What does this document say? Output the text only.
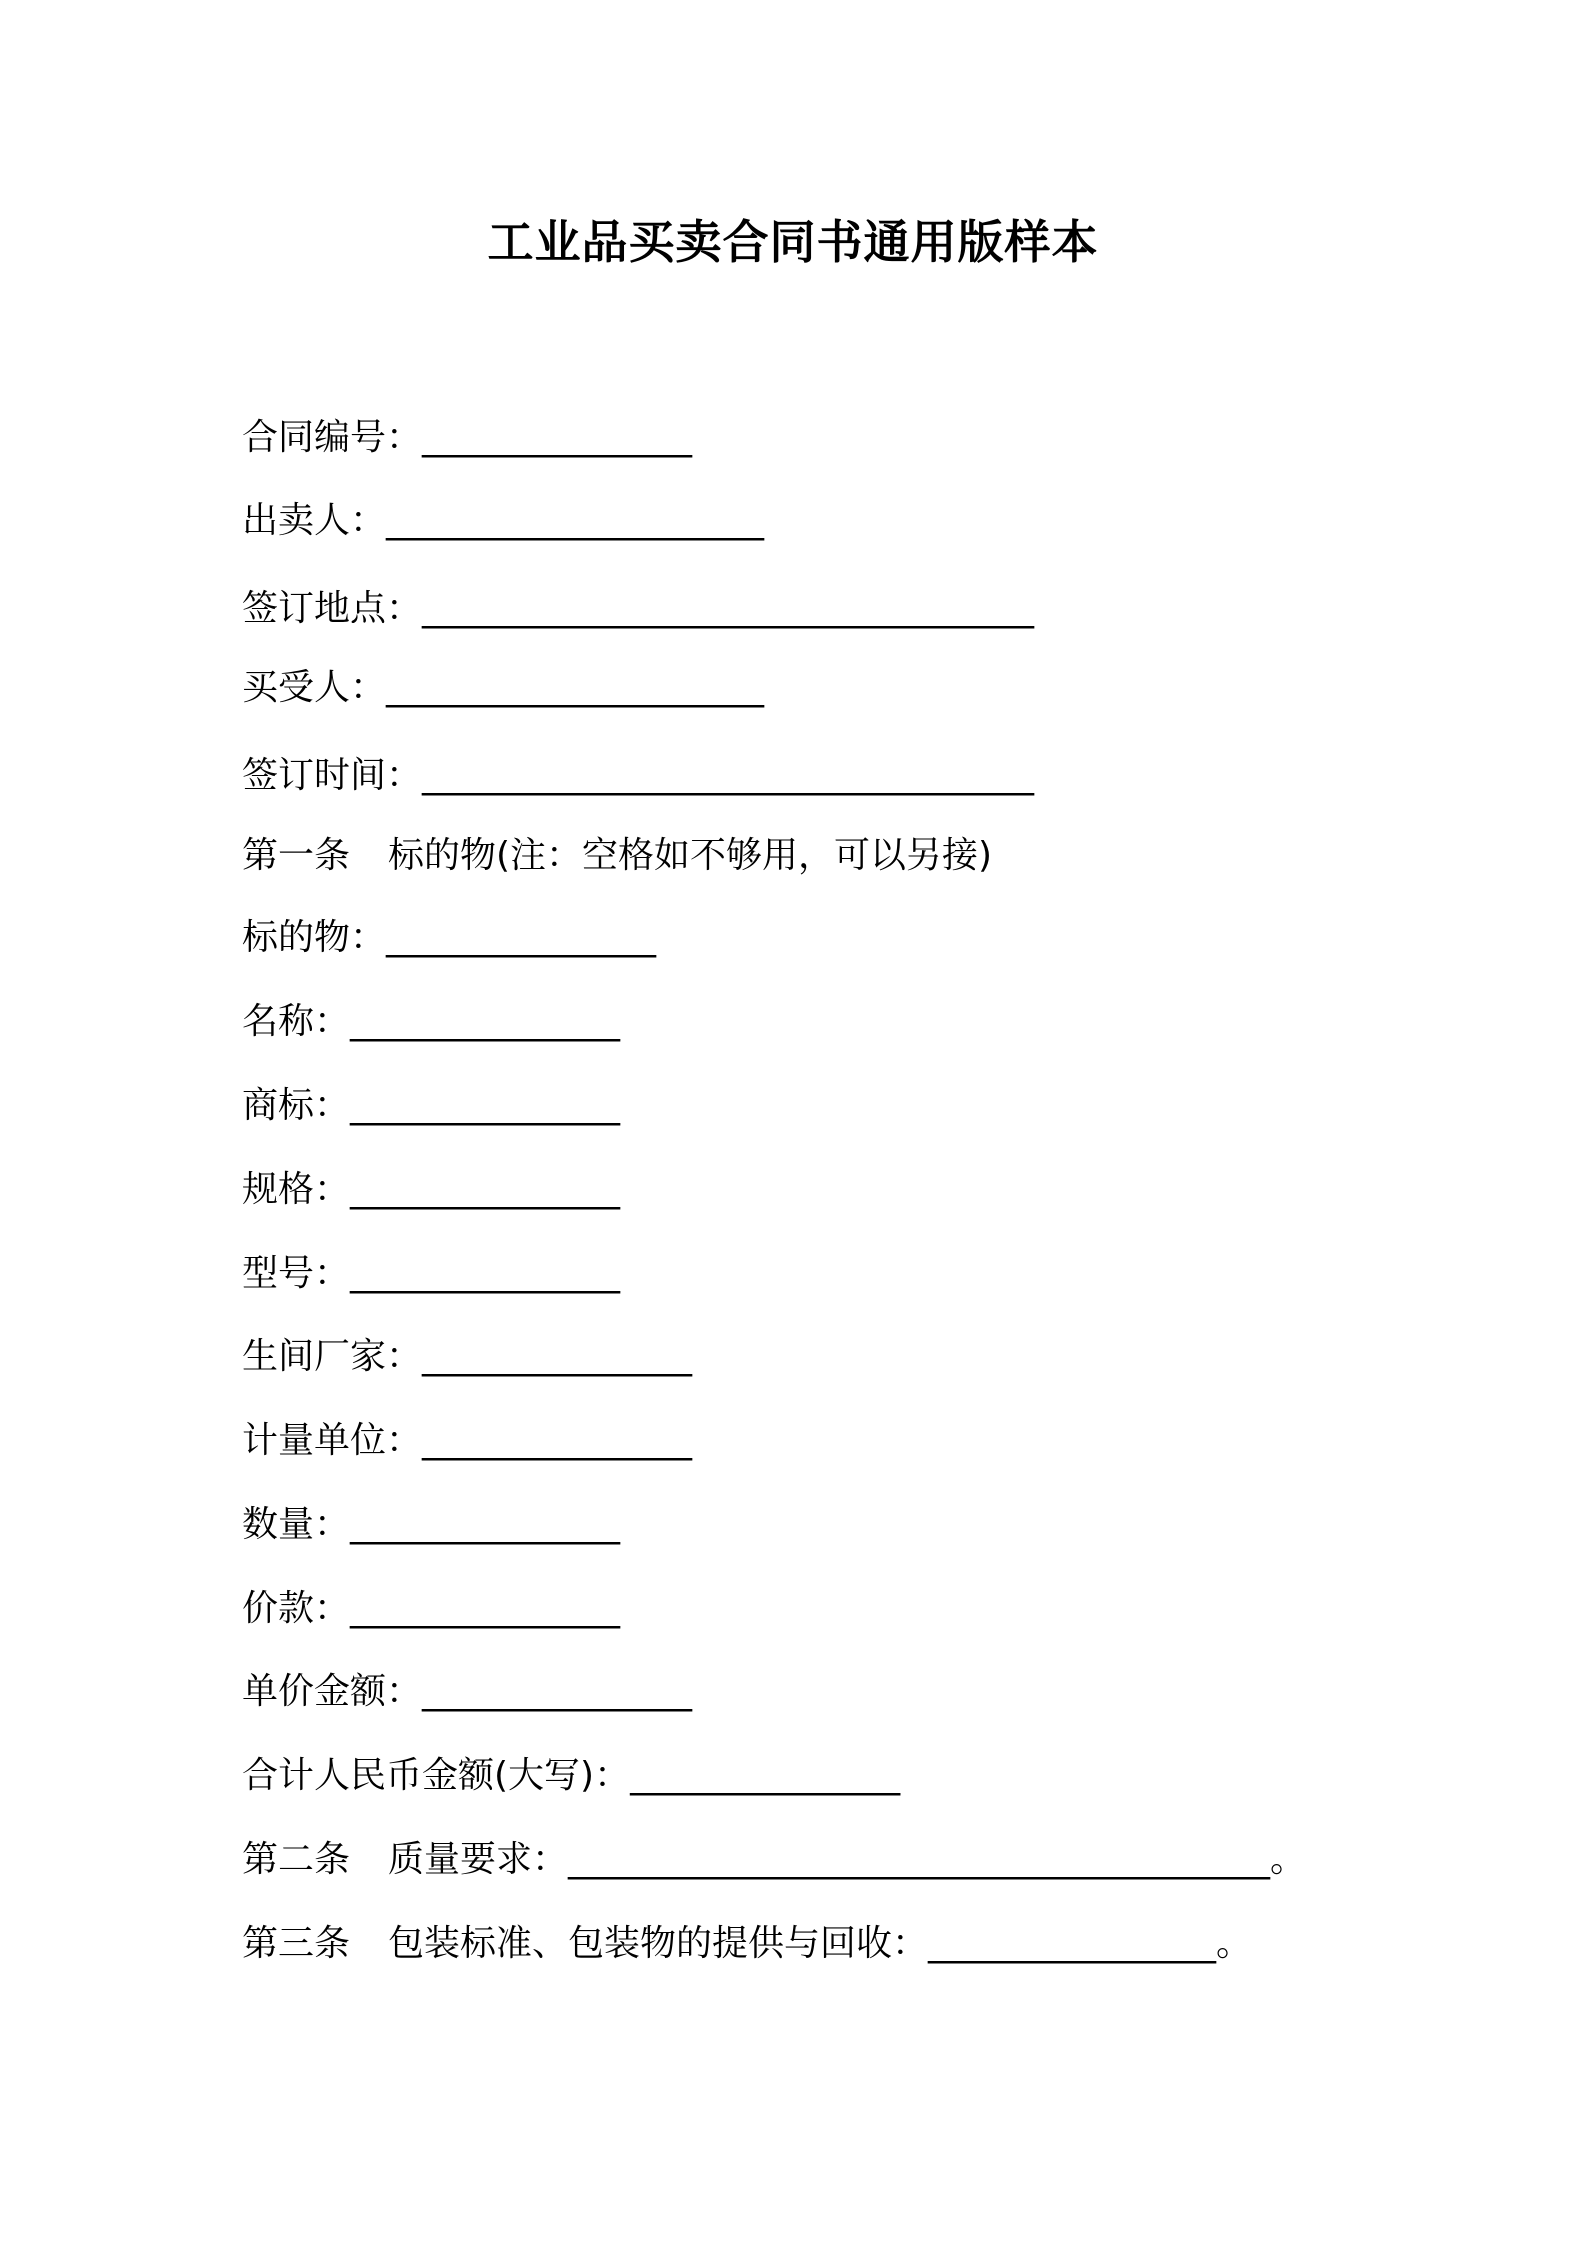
工业品买卖合同书通用版样本
合同编号：_______________
出卖人：_____________________
签订地点：__________________________________
买受人：_____________________
签订时间：__________________________________
第一条 标的物(注：空格如不够用，可以另接)
标的物：_______________
名称：_______________
商标：_______________
规格：_______________
型号：_______________
生间厂家：_______________
计量单位：_______________
数量：_______________
价款：_______________
单价金额：_______________
合计人民币金额(大写)：_______________
第二条 质量要求：_______________________________________。
第三条 包装标准、包装物的提供与回收：________________。
